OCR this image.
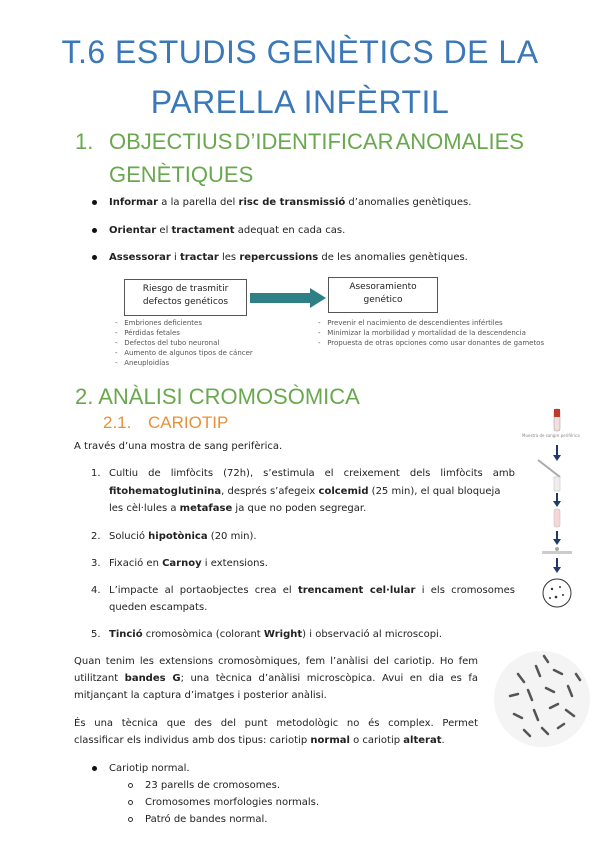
T.6 ESTUDIS GENÈTICS DE LA
PARELLA INFÈRTIL
1. OBJECTIUS D’IDENTIFICAR ANOMALIES
GENÈTIQUES
Informar a la parella del risc de transmissió d’anomalies genètiques.
Orientar el tractament adequat en cada cas.
Assessorar i tractar les repercussions de les anomalies genètiques.
Riesgo de trasmitir
defectos genéticos
Asesoramiento
genético
-   Embriones deficientes
-   Pérdidas fetales
-   Defectos del tubo neuronal
-   Aumento de algunos tipos de cáncer
-   Aneuploidías
-   Prevenir el nacimiento de descendientes infértiles
-   Minimizar la morbilidad y mortalidad de la descendencia
-   Propuesta de otras opciones como usar donantes de gametos
2. ANÀLISI CROMOSÒMICA
2.1. CARIOTIP
A través d’una mostra de sang perifèrica.
1. Cultiu de limfòcits (72h), s’estimula el creixement dels limfòcits amb
fitohematoglutinina, després s’afegeix colcemid (25 min), el qual bloqueja
les cèl·lules a metafase ja que no poden segregar.
2. Solució hipotònica (20 min).
3. Fixació en Carnoy i extensions.
4. L’impacte al portaobjectes crea el trencament cel·lular i els cromosomes
queden escampats.
5. Tinció cromosòmica (colorant Wright) i observació al microscopi.
Quan tenim les extensions cromosòmiques, fem l’anàlisi del cariotip. Ho fem
utilitzant bandes G; una tècnica d’anàlisi microscòpica. Avui en dia es fa
mitjançant la captura d’imatges i posterior anàlisi.
És una tècnica que des del punt metodològic no és complex. Permet
classificar els individus amb dos tipus: cariotip normal o cariotip alterat.
Cariotip normal.
23 parells de cromosomes.
Cromosomes morfologies normals.
Patró de bandes normal.
Muestra de sangre periférica
